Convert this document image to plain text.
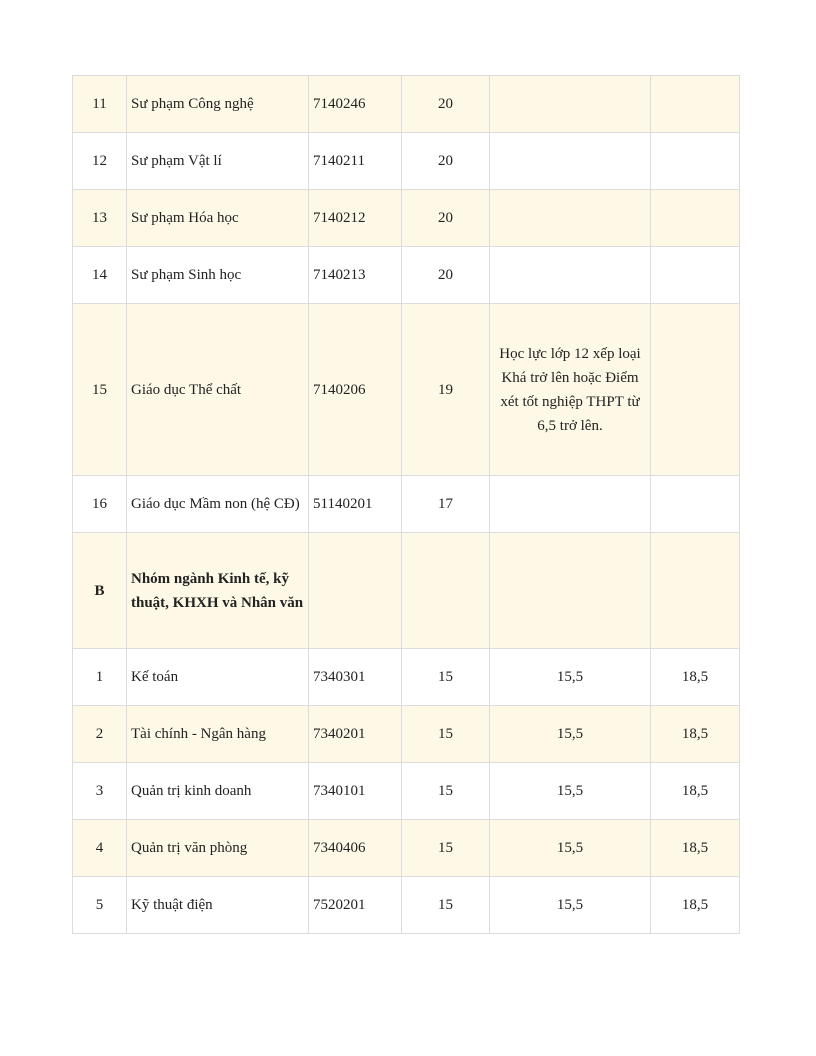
11	Sư phạm Công nghệ	7140246	20		
12	Sư phạm Vật lí	7140211	20		
13	Sư phạm Hóa học	7140212	20		
14	Sư phạm Sinh học	7140213	20		
15	Giáo dục Thể chất	7140206	19	Học lực lớp 12 xếp loại Khá trở lên hoặc Điểm xét tốt nghiệp THPT từ 6,5 trở lên.	
16	Giáo dục Mầm non (hệ CĐ)	51140201	17		
B	Nhóm ngành Kinh tế, kỹ thuật, KHXH và Nhân văn				
1	Kế toán	7340301	15	15,5	18,5
2	Tài chính - Ngân hàng	7340201	15	15,5	18,5
3	Quản trị kinh doanh	7340101	15	15,5	18,5
4	Quản trị văn phòng	7340406	15	15,5	18,5
5	Kỹ thuật điện	7520201	15	15,5	18,5
